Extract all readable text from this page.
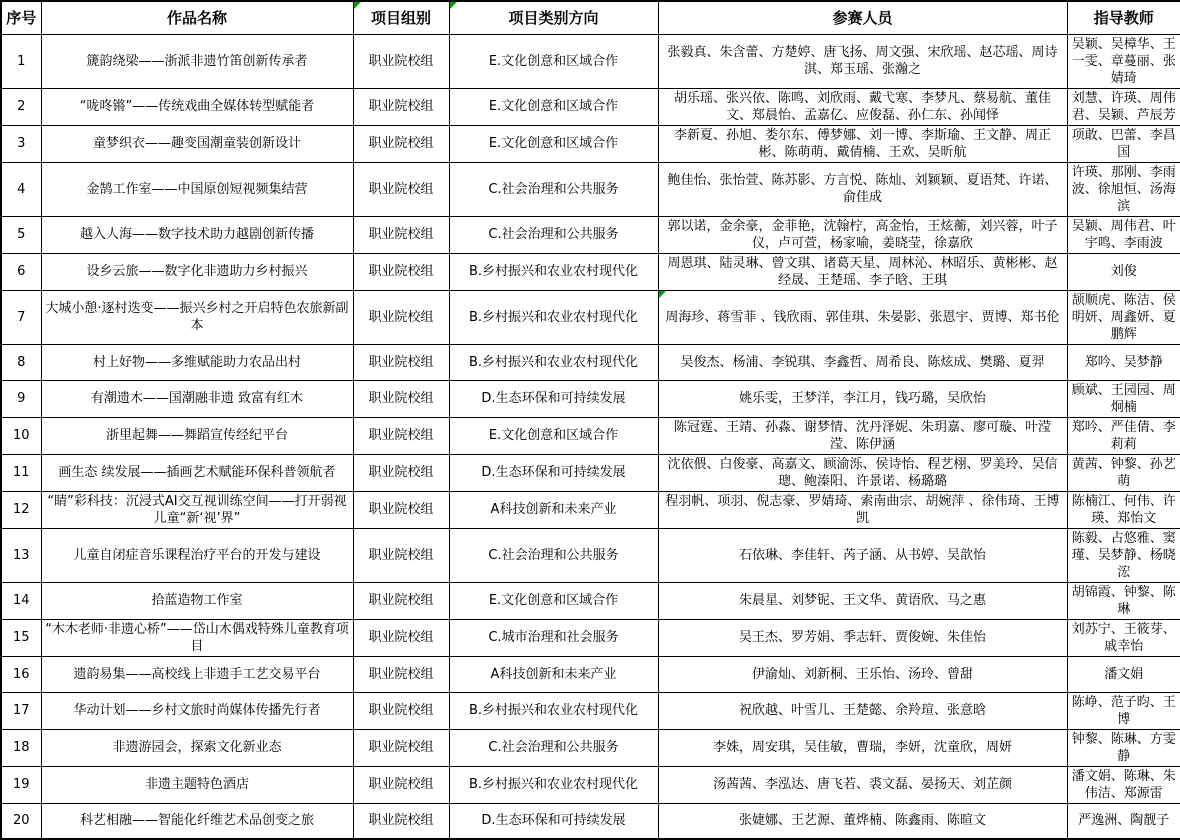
序号	作品名称	项目组别	项目类别方向	参赛人员	指导教师
1	篪韵绕梁——浙派非遗竹笛创新传承者	职业院校组	E.文化创意和区域合作	张毅真、朱含蕾、方楚婷、唐飞扬、周文强、宋欣瑶、赵芯瑶、周诗淇、郑玉瑶、张瀚之	吴颖、吴樟华、王一雯、章蔓丽、张婧琦
2	“咙咚锵”——传统戏曲全媒体转型赋能者	职业院校组	E.文化创意和区域合作	胡乐瑶、张兴依、陈鸣、刘欣雨、戴弋寒、李梦凡、蔡易航、董佳文、郑晨怡、孟嘉亿、应俊磊、孙仁东、孙闻怿	刘慧、许瑛、周伟君、吴颖、芦辰芳
3	童梦织衣——趣变国潮童装创新设计	职业院校组	E.文化创意和区域合作	李新夏、孙旭、娄尔东、傅梦娜、刘一博、李斯瑜、王文静、周正彬、陈萌萌、戴倩楠、王欢、吴昕航	项敢、巴蕾、李昌国
4	金鹄工作室——中国原创短视频集结营	职业院校组	C.社会治理和公共服务	鲍佳怡、张怡萱、陈苏影、方言悦、陈灿、刘颖颖、夏语梵、许诺、俞佳成	许瑛、那刚、李雨波、徐旭恒、汤海滨
5	越入人海——数字技术助力越剧创新传播	职业院校组	C.社会治理和公共服务	郭以诺，金余豪，金菲艳，沈翰柠，高金怡，王炫蘅，刘兴蓉，叶子仪，卢可萱，杨家喻，姜晓莹，徐嘉欣	吴颖、周伟君、叶宇鸣、李雨波
6	设乡云旅——数字化非遗助力乡村振兴	职业院校组	B.乡村振兴和农业农村现代化	周恩琪、陆灵琳、曾文琪、诸葛天星、周林沁、林昭乐、黄彬彬、赵经晟、王楚瑶、李子晗、王琪	刘俊
7	大城小憩·逐村迭变——振兴乡村之开启特色农旅新副本	职业院校组	B.乡村振兴和农业农村现代化	周海珍、蒋雪菲 、钱欣雨、郭佳琪、朱晏影、张恩宇、贾博、郑书伦	颉顺虎、陈洁、侯明妍、周鑫妍、夏鹏辉
8	村上好物——多维赋能助力农品出村	职业院校组	B.乡村振兴和农业农村现代化	吴俊杰、杨浦、李锐琪、李鑫哲、周希良、陈炫成、樊璐、夏羿	郑吟、吴梦静
9	有潮遗木——国潮融非遗 致富有红木	职业院校组	D.生态环保和可持续发展	姚乐雯，王梦洋，李江月，钱巧璐，吴欣怡	顾斌、王园园、周炯楠
10	浙里起舞——舞蹈宣传经纪平台	职业院校组	E.文化创意和区域合作	陈冠霆、王靖、孙淼、谢梦情、沈丹泽妮、朱玥嘉、廖可璇、叶滢滢、陈伊涵	郑吟、严佳倩、李莉莉
11	画生态 续发展——插画艺术赋能环保科普领航者	职业院校组	D.生态环保和可持续发展	沈依偎、白俊豪、高嘉文、顾渝泺、侯诗怡、程艺栩、罗美玲、吴信璁、鲍溱阳、许景诺、杨璐璐	黄茜、钟黎、孙艺萌
12	“睛”彩科技：沉浸式AI交互视训练空间——打开弱视儿童“新‘视’界”	职业院校组	A科技创新和未来产业	程羽帆、项羽、倪志豪、罗婧琦、索南曲宗、胡婉萍 、徐伟琦、王博凯	陈楠江、何伟、许瑛、郑怡文
13	儿童自闭症音乐课程治疗平台的开发与建设	职业院校组	C.社会治理和公共服务	石依琳、李佳轩、芮子涵、从书婷、吴歆怡	陈毅、占悠雅、窦瑾、吴梦静、杨晓浤
14	拾蓝造物工作室	职业院校组	E.文化创意和区域合作	朱晨星、刘梦铌、王文华、黄语欣、马之惠	胡锦霞、钟黎、陈琳
15	“木木老师·非遗心桥”——岱山木偶戏特殊儿童教育项目	职业院校组	C.城市治理和社会服务	吴王杰、罗芳娟、季志轩、贾俊婉、朱佳怡	刘苏宁、王筱芽、戚幸怡
16	遗韵易集——高校线上非遗手工艺交易平台	职业院校组	A科技创新和未来产业	伊渝灿、刘新桐、王乐怡、汤玲、曾甜	潘文娟
17	华动计划——乡村文旅时尚媒体传播先行者	职业院校组	B.乡村振兴和农业农村现代化	祝欣越、叶雪儿、王楚懿、余羚瑄、张意晗	陈峥、范子昀、王博
18	非遗游园会，探索文化新业态	职业院校组	C.社会治理和公共服务	李姝，周安琪，吴佳敏，曹瑞，李妍，沈童欣，周妍	钟黎、陈琳、方雯静
19	非遗主题特色酒店	职业院校组	B.乡村振兴和农业农村现代化	汤茜茜、李泓达、唐飞若、裘文磊、晏扬天、刘芷颜	潘文娟、陈琳、朱伟洁、郑源雷
20	科艺相融——智能化纤维艺术品创变之旅	职业院校组	D.生态环保和可持续发展	张婕娜、王艺源、董烨楠、陈鑫雨、陈暄文	严逸洲、陶靓子
